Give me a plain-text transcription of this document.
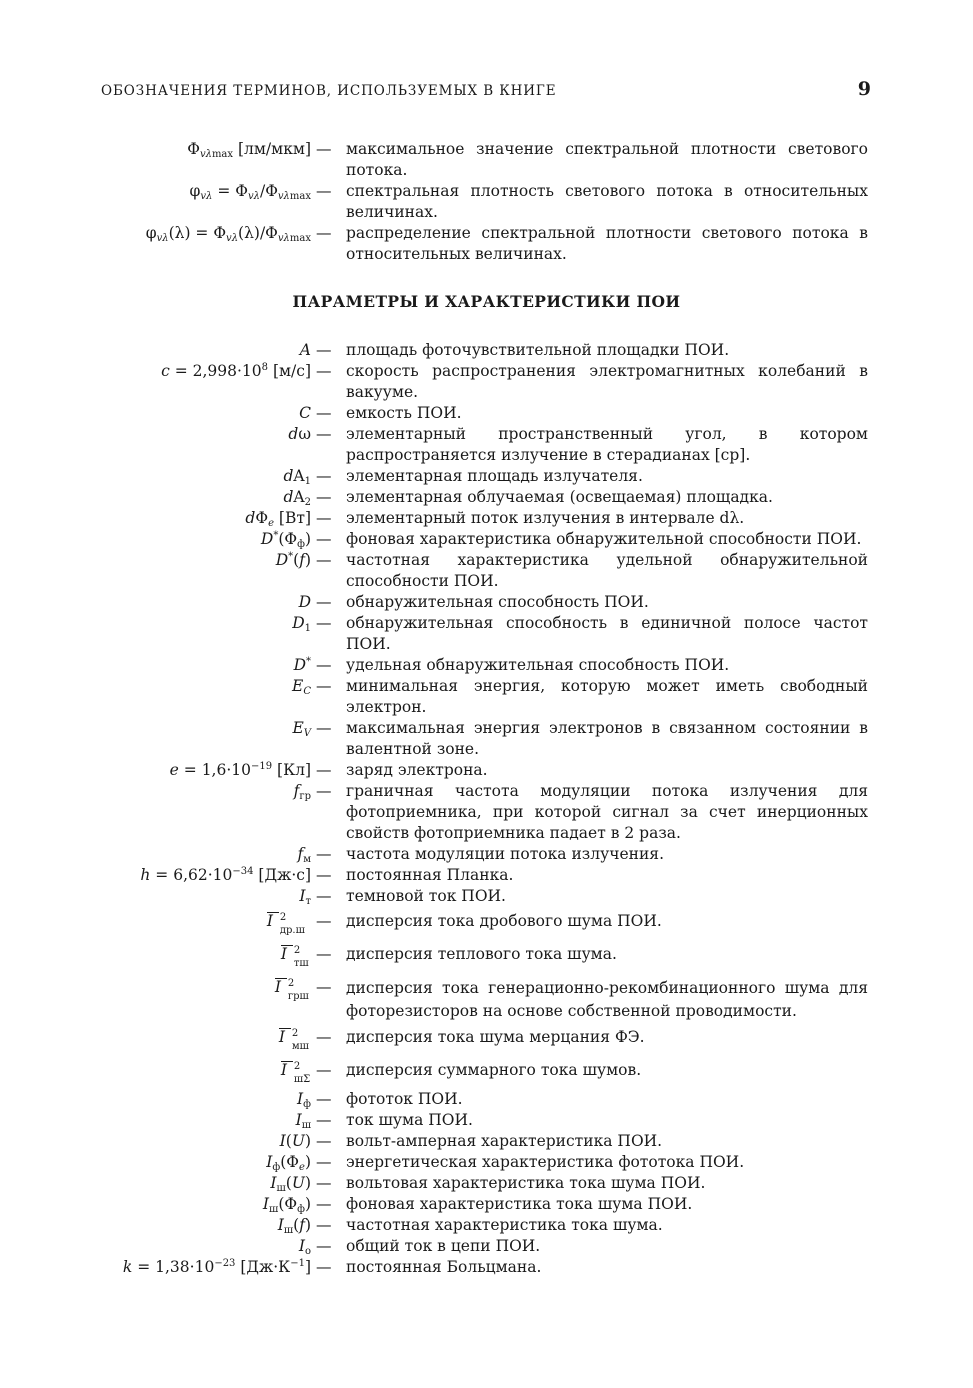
ОБОЗНАЧЕНИЯ ТЕРМИНОВ, ИСПОЛЬЗУЕМЫХ В КНИГЕ	9
$\Phi_{v\lambda max}$ [лм/мкм] — максимальное значение спектральной плотности светового потока.
$\varphi_{v\lambda} = \Phi_{v\lambda}/\Phi_{v\lambda max}$ — спектральная плотность светового потока в относительных величинах.
$\varphi_{v\lambda}(\lambda) = \Phi_{v\lambda}(\lambda)/\Phi_{v\lambda max}$ — распределение спектральной плотности светового потока в относительных величинах.
ПАРАМЕТРЫ И ХАРАКТЕРИСТИКИ ПОИ
A — площадь фоточувствительной площадки ПОИ.
$c = 2,998\cdot 10^8$ [м/с] — скорость распространения электромагнитных колебаний в вакууме.
C — емкость ПОИ.
dω — элементарный пространственный угол, в котором распространяется излучение в стерадианах [ср].
$dA_1$ — элементарная площадь излучателя.
$dA_2$ — элементарная облучаемая (освещаемая) площадка.
$d\Phi_e$ [Вт] — элементарный поток излучения в интервале dλ.
$D^*(\Phi_ф)$ — фоновая характеристика обнаружительной способности ПОИ.
D*(f) — частотная характеристика удельной обнаружительной способности ПОИ.
D — обнаружительная способность ПОИ.
$D_1$ — обнаружительная способность в единичной полосе частот ПОИ.
D* — удельная обнаружительная способность ПОИ.
$E_C$ — минимальная энергия, которую может иметь свободный электрон.
$E_V$ — максимальная энергия электронов в связанном состоянии в валентной зоне.
$e = 1,6\cdot 10^{-19}$ [Кл] — заряд электрона.
$f_{гр}$ — граничная частота модуляции потока излучения для фотоприемника, при которой сигнал за счет инерционных свойств фотоприемника падает в 2 раза.
$f_м$ — частота модуляции потока излучения.
$h = 6,62\cdot 10^{-34}$ [Дж·с] — постоянная Планка.
$I_т$ — темновой ток ПОИ.
I 2
др.ш
— дисперсия тока дробового шума ПОИ.
I 2
тш
— дисперсия теплового тока шума.
I 2
грш
— дисперсия тока генерационно-рекомбинационного шума для фоторезисторов на основе собственной проводимости.
I 2
мш
— дисперсия тока шума мерцания ФЭ.
I 2
шΣ
— дисперсия суммарного тока шумов.
$I_ф$ — фототок ПОИ.
$I_ш$ — ток шума ПОИ.
I(U) — вольт-амперная характеристика ПОИ.
$I_ф(\Phi_e)$ — энергетическая характеристика фототока ПОИ.
$I_ш(U)$ — вольтовая характеристика тока шума ПОИ.
$I_ш(\Phi_ф)$ — фоновая характеристика тока шума ПОИ.
$I_ш(f)$ — частотная характеристика тока шума.
$I_о$ — общий ток в цепи ПОИ.
$k = 1,38\cdot 10^{-23}$ $[Дж\cdot К^{-1}]$ — постоянная Больцмана.
